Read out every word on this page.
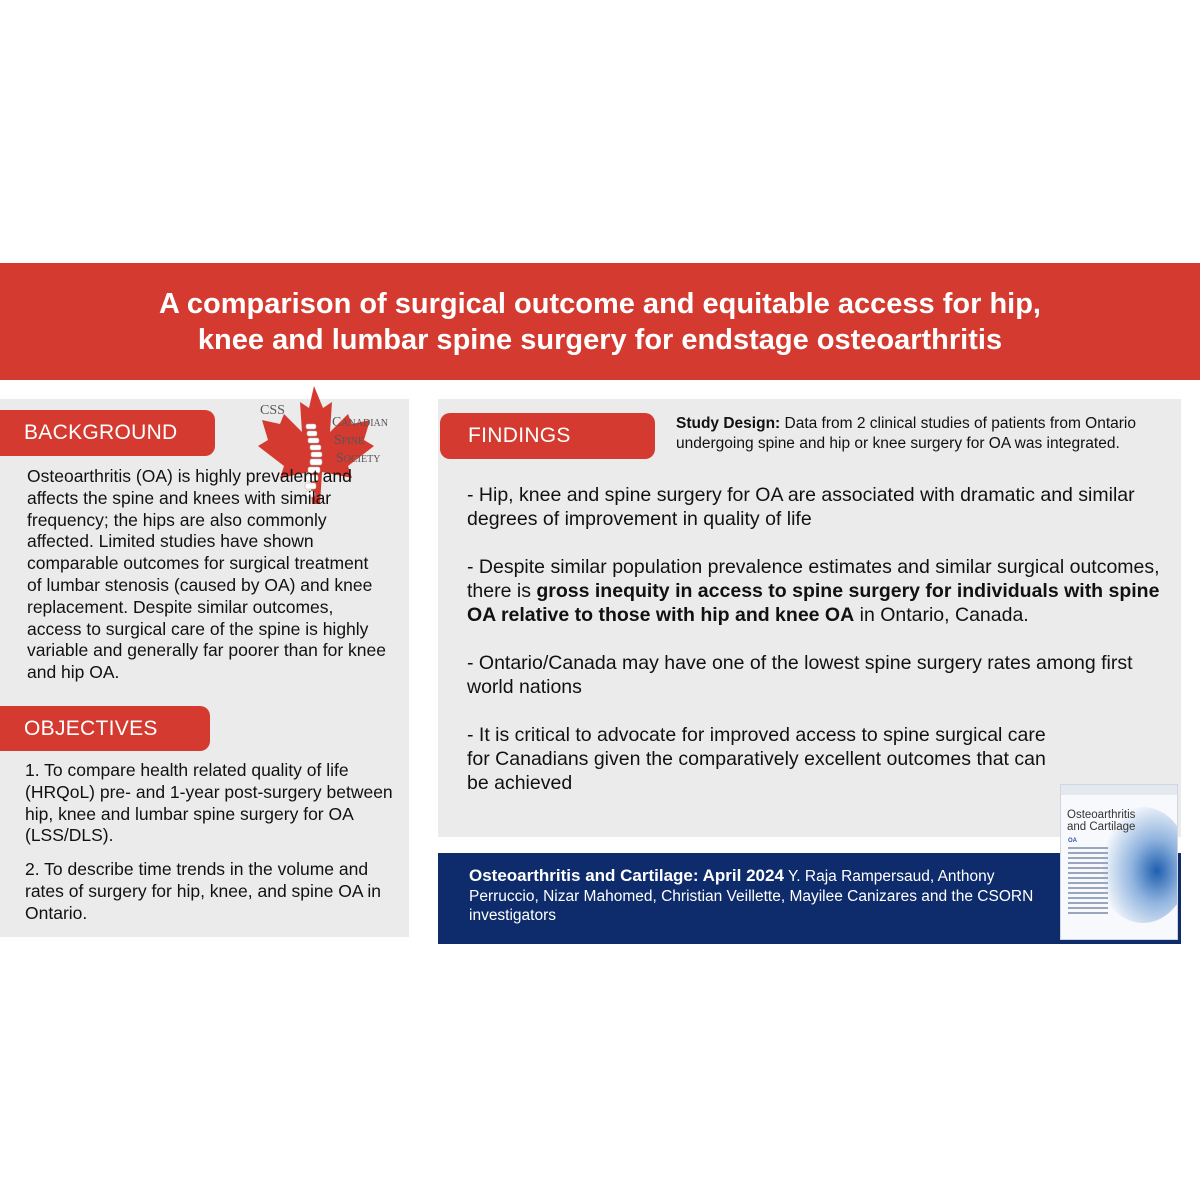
A comparison of surgical outcome and equitable access for hip,
knee and lumbar spine surgery for endstage osteoarthritis
BACKGROUND
CSS
Canadian
Spine
Society
Osteoarthritis (OA) is highly prevalent and affects the spine and knees with similar frequency; the hips are also commonly affected. Limited studies have shown comparable outcomes for surgical treatment of lumbar stenosis (caused by OA) and knee replacement. Despite similar outcomes, access to surgical care of the spine is highly variable and generally far poorer than for knee and hip OA.
OBJECTIVES

1. To compare health related quality of life (HRQoL) pre- and 1-year post-surgery between hip, knee and lumbar spine surgery for OA (LSS/DLS).

2. To describe time trends in the volume and rates of surgery for hip, knee, and spine OA in Ontario.

FINDINGS
Study Design: Data from 2 clinical studies of patients from Ontario undergoing spine and hip or knee surgery for OA was integrated.

- Hip, knee and spine surgery for OA are associated with dramatic and similar degrees of improvement in quality of life

- Despite similar population prevalence estimates and similar surgical outcomes, there is gross inequity in access to spine surgery for individuals with spine OA relative to those with hip and knee OA in Ontario, Canada.

- Ontario/Canada may have one of the lowest spine surgery rates among first world nations

- It is critical to advocate for improved access to spine surgical care for Canadians given the comparatively excellent outcomes that can be achieved

Osteoarthritis and Cartilage: April 2024 Y. Raja Rampersaud, Anthony Perruccio, Nizar Mahomed, Christian Veillette, Mayilee Canizares and the CSORN investigators
Osteoarthritis
and Cartilage
OA
